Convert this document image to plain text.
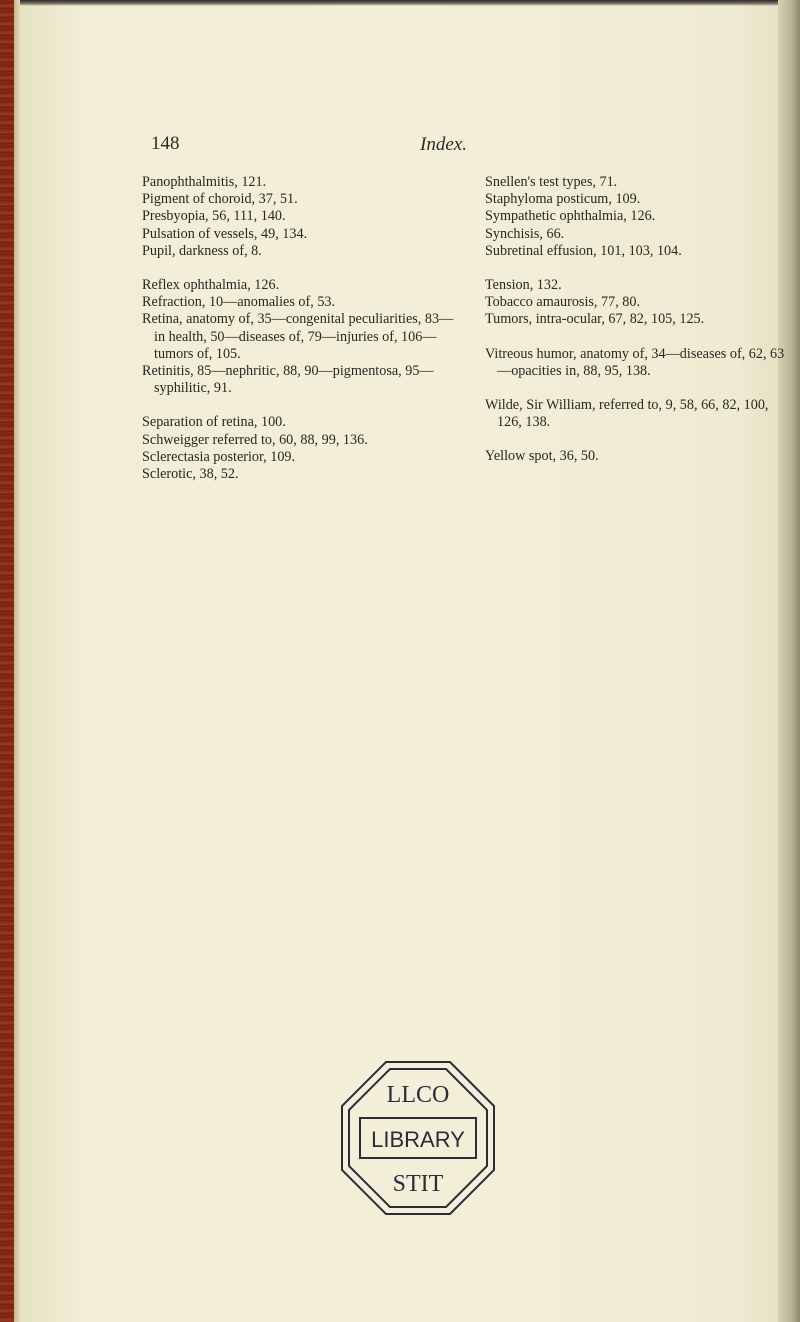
148	Index.

Panophthalmitis, 121.

Pigment of choroid, 37, 51.

Presbyopia, 56, 111, 140.

Pulsation of vessels, 49, 134.

Pupil, darkness of, 8.

Reflex ophthalmia, 126.

Refraction, 10—anomalies of, 53.

Retina, anatomy of, 35—congenital peculiarities, 83—in health, 50—diseases of, 79—injuries of, 106—tumors of, 105.

Retinitis, 85—nephritic, 88, 90—pigmentosa, 95—syphilitic, 91.

Separation of retina, 100.

Schweigger referred to, 60, 88, 99, 136.

Sclerectasia posterior, 109.

Sclerotic, 38, 52.

Snellen's test types, 71.

Staphyloma posticum, 109.

Sympathetic ophthalmia, 126.

Synchisis, 66.

Subretinal effusion, 101, 103, 104.

Tension, 132.

Tobacco amaurosis, 77, 80.

Tumors, intra-ocular, 67, 82, 105, 125.

Vitreous humor, anatomy of, 34—diseases of, 62, 63—opacities in, 88, 95, 138.

Wilde, Sir William, referred to, 9, 58, 66, 82, 100, 126, 138.

Yellow spot, 36, 50.

LLCO
LIBRARY
STIT
